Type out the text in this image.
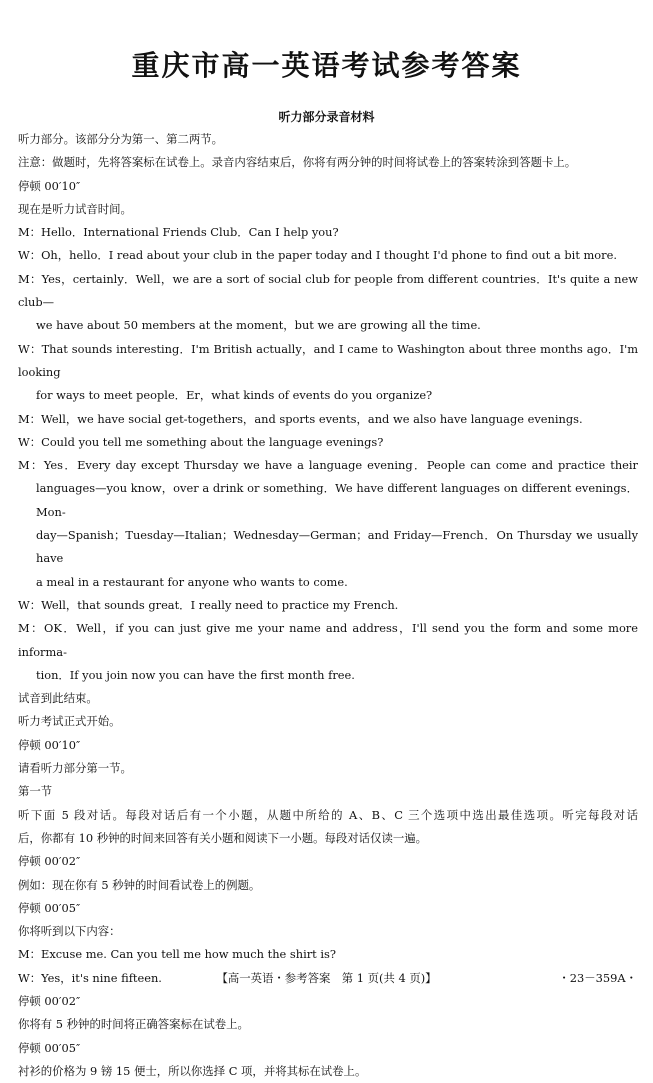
重庆市高一英语考试参考答案
听力部分录音材料

听力部分。该部分分为第一、第二两节。

注意：做题时，先将答案标在试卷上。录音内容结束后，你将有两分钟的时间将试卷上的答案转涂到答题卡上。

停顿 00′10″

现在是听力试音时间。

M：Hello．International Friends Club．Can I help you?

W：Oh，hello．I read about your club in the paper today and I thought I'd phone to find out a bit more.

M：Yes，certainly．Well，we are a sort of social club for people from different countries．It's quite a new club—

we have about 50 members at the moment，but we are growing all the time.

W：That sounds interesting．I'm British actually，and I came to Washington about three months ago．I'm looking

for ways to meet people．Er，what kinds of events do you organize?

M：Well，we have social get-togethers，and sports events，and we also have language evenings.

W：Could you tell me something about the language evenings?

M：Yes．Every day except Thursday we have a language evening．People can come and practice their

languages—you know，over a drink or something．We have different languages on different evenings．Mon-

day—Spanish；Tuesday—Italian；Wednesday—German；and Friday—French．On Thursday we usually have

a meal in a restaurant for anyone who wants to come.

W：Well，that sounds great．I really need to practice my French.

M：OK．Well，if you can just give me your name and address，I'll send you the form and some more informa-

tion．If you join now you can have the first month free.

试音到此结束。

听力考试正式开始。

停顿 00′10″

请看听力部分第一节。

第一节

听下面 5 段对话。每段对话后有一个小题，从题中所给的 A、B、C 三个选项中选出最佳选项。听完每段对话

后，你都有 10 秒钟的时间来回答有关小题和阅读下一小题。每段对话仅读一遍。

停顿 00′02″

例如：现在你有 5 秒钟的时间看试卷上的例题。

停顿 00′05″

你将听到以下内容：

M：Excuse me. Can you tell me how much the shirt is?

W：Yes，it's nine fifteen.

停顿 00′02″

你将有 5 秒钟的时间将正确答案标在试卷上。

停顿 00′05″

衬衫的价格为 9 镑 15 便士，所以你选择 C 项，并将其标在试卷上。

【高一英语・参考答案　第 1 页(共 4 页)】	・23－359A・
